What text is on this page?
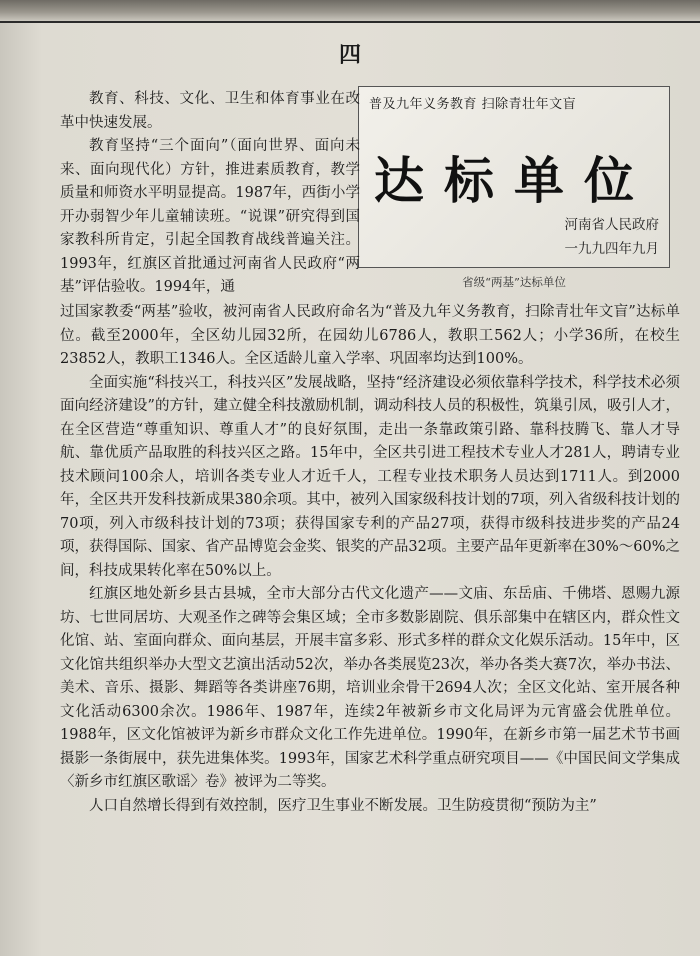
四
普及九年义务教育 扫除青壮年文盲
达标单位
河南省人民政府
一九九四年九月
省级“两基”达标单位

教育、科技、文化、卫生和体育事业在改革中快速发展。

教育坚持“三个面向”（面向世界、面向未来、面向现代化）方针，推进素质教育，教学质量和师资水平明显提高。1987年，西街小学开办弱智少年儿童辅读班。“说课”研究得到国家教科所肯定，引起全国教育战线普遍关注。1993年，红旗区首批通过河南省人民政府“两基”评估验收。1994年，通

过国家教委“两基”验收，被河南省人民政府命名为“普及九年义务教育，扫除青壮年文盲”达标单位。截至2000年，全区幼儿园32所，在园幼儿6786人，教职工562人；小学36所，在校生23852人，教职工1346人。全区适龄儿童入学率、巩固率均达到100%。

全面实施“科技兴工，科技兴区”发展战略，坚持“经济建设必须依靠科学技术，科学技术必须面向经济建设”的方针，建立健全科技激励机制，调动科技人员的积极性，筑巢引凤，吸引人才，在全区营造“尊重知识、尊重人才”的良好氛围，走出一条靠政策引路、靠科技腾飞、靠人才导航、靠优质产品取胜的科技兴区之路。15年中，全区共引进工程技术专业人才281人，聘请专业技术顾问100余人，培训各类专业人才近千人，工程专业技术职务人员达到1711人。到2000年，全区共开发科技新成果380余项。其中，被列入国家级科技计划的7项，列入省级科技计划的70项，列入市级科技计划的73项；获得国家专利的产品27项，获得市级科技进步奖的产品24项，获得国际、国家、省产品博览会金奖、银奖的产品32项。主要产品年更新率在30%～60%之间，科技成果转化率在50%以上。

红旗区地处新乡县古县城，全市大部分古代文化遗产——文庙、东岳庙、千佛塔、恩赐九源坊、七世同居坊、大观圣作之碑等会集区域；全市多数影剧院、俱乐部集中在辖区内，群众性文化馆、站、室面向群众、面向基层，开展丰富多彩、形式多样的群众文化娱乐活动。15年中，区文化馆共组织举办大型文艺演出活动52次，举办各类展览23次，举办各类大赛7次，举办书法、美术、音乐、摄影、舞蹈等各类讲座76期，培训业余骨干2694人次；全区文化站、室开展各种文化活动6300余次。1986年、1987年，连续2年被新乡市文化局评为元宵盛会优胜单位。1988年，区文化馆被评为新乡市群众文化工作先进单位。1990年，在新乡市第一届艺术节书画摄影一条街展中，获先进集体奖。1993年，国家艺术科学重点研究项目——《中国民间文学集成〈新乡市红旗区歌谣〉卷》被评为二等奖。

人口自然增长得到有效控制，医疗卫生事业不断发展。卫生防疫贯彻“预防为主”
